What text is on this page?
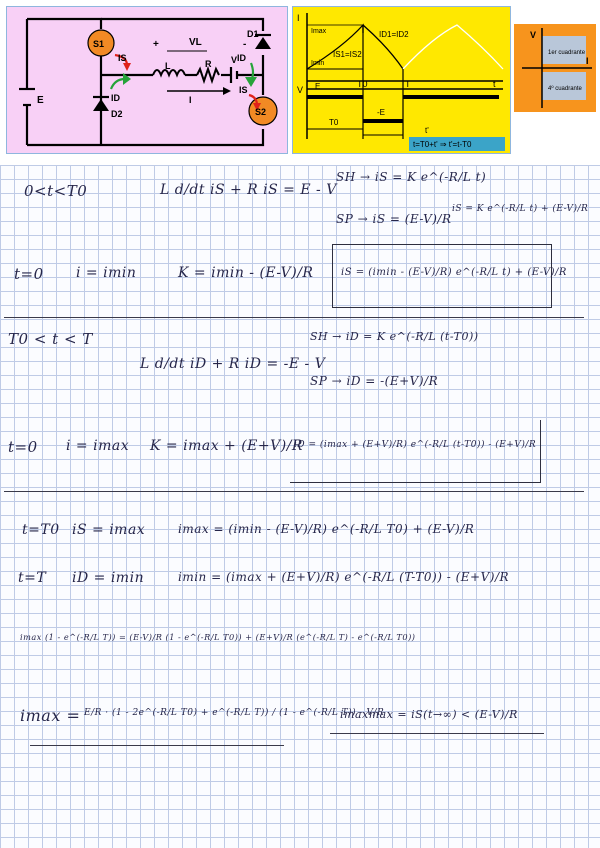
S1
S2
IS
ID
D2
D1
ID
IS
E
+	-
VL
L	R V
I
I
Imax
Imin
ID1=ID2
IS1=IS2
V E	T0	T	t
-E
T0
t'
t=T0+t' ⇒ t'=t-T0
V
I
1er cuadrante
4º cuadrante
0<t<T0	L d/dt iS + R iS = E - V
SH → iS = K e^(-R/L t)
SP → iS = (E-V)/R
iS = K e^(-R/L t) + (E-V)/R
t=0 i = imin	K = imin - (E-V)/R	iS = (imin - (E-V)/R) e^(-R/L t) + (E-V)/R
T0 < t < T
L d/dt iD + R iD = -E - V
SH → iD = K e^(-R/L (t-T0))
SP → iD = -(E+V)/R
t=0 i = imax K = imax + (E+V)/R
iD = (imax + (E+V)/R) e^(-R/L (t-T0)) - (E+V)/R
t=T0 iS = imax	imax = (imin - (E-V)/R) e^(-R/L T0) + (E-V)/R
t=T iD = imin	imin = (imax + (E+V)/R) e^(-R/L (T-T0)) - (E+V)/R
imax (1 - e^(-R/L T)) = (E-V)/R (1 - e^(-R/L T0)) + (E+V)/R (e^(-R/L T) - e^(-R/L T0))
imax = E/R · (1 - 2e^(-R/L T0) + e^(-R/L T)) / (1 - e^(-R/L T)) - V/R
imaxmax = iS(t→∞) < (E-V)/R
